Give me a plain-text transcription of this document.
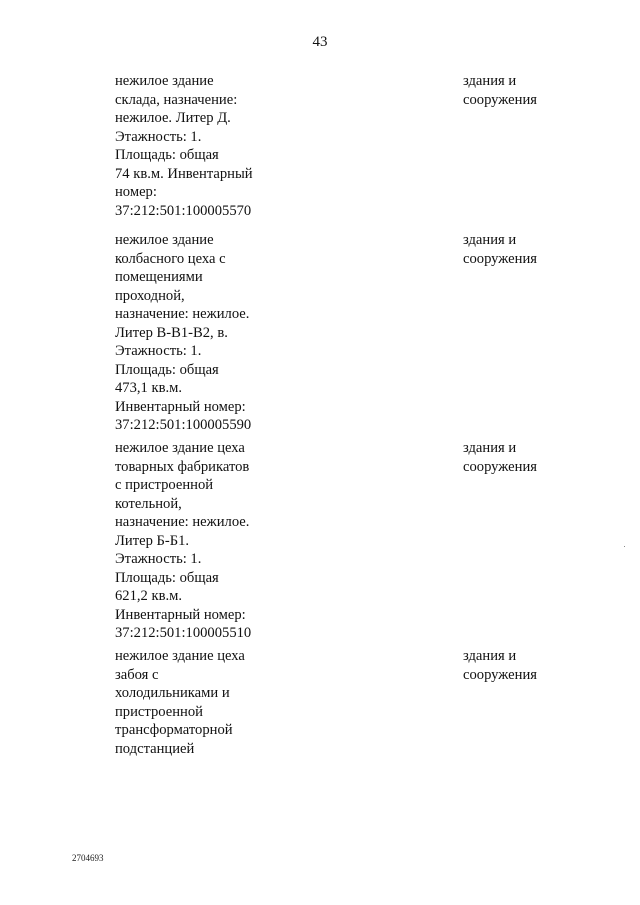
43
нежилое здание
склада, назначение:
нежилое. Литер Д.
Этажность: 1.
Площадь: общая
74 кв.м. Инвентарный
номер:
37:212:501:100005570
здания и
сооружения
нежилое здание
колбасного цеха с
помещениями
проходной,
назначение: нежилое.
Литер В-В1-В2, в.
Этажность: 1.
Площадь: общая
473,1 кв.м.
Инвентарный номер:
37:212:501:100005590
здания и
сооружения
нежилое здание цеха
товарных фабрикатов
с пристроенной
котельной,
назначение: нежилое.
Литер Б-Б1.
Этажность: 1.
Площадь: общая
621,2 кв.м.
Инвентарный номер:
37:212:501:100005510
здания и
сооружения
нежилое здание цеха
забоя с
холодильниками и
пристроенной
трансформаторной
подстанцией
здания и
сооружения
2704693
